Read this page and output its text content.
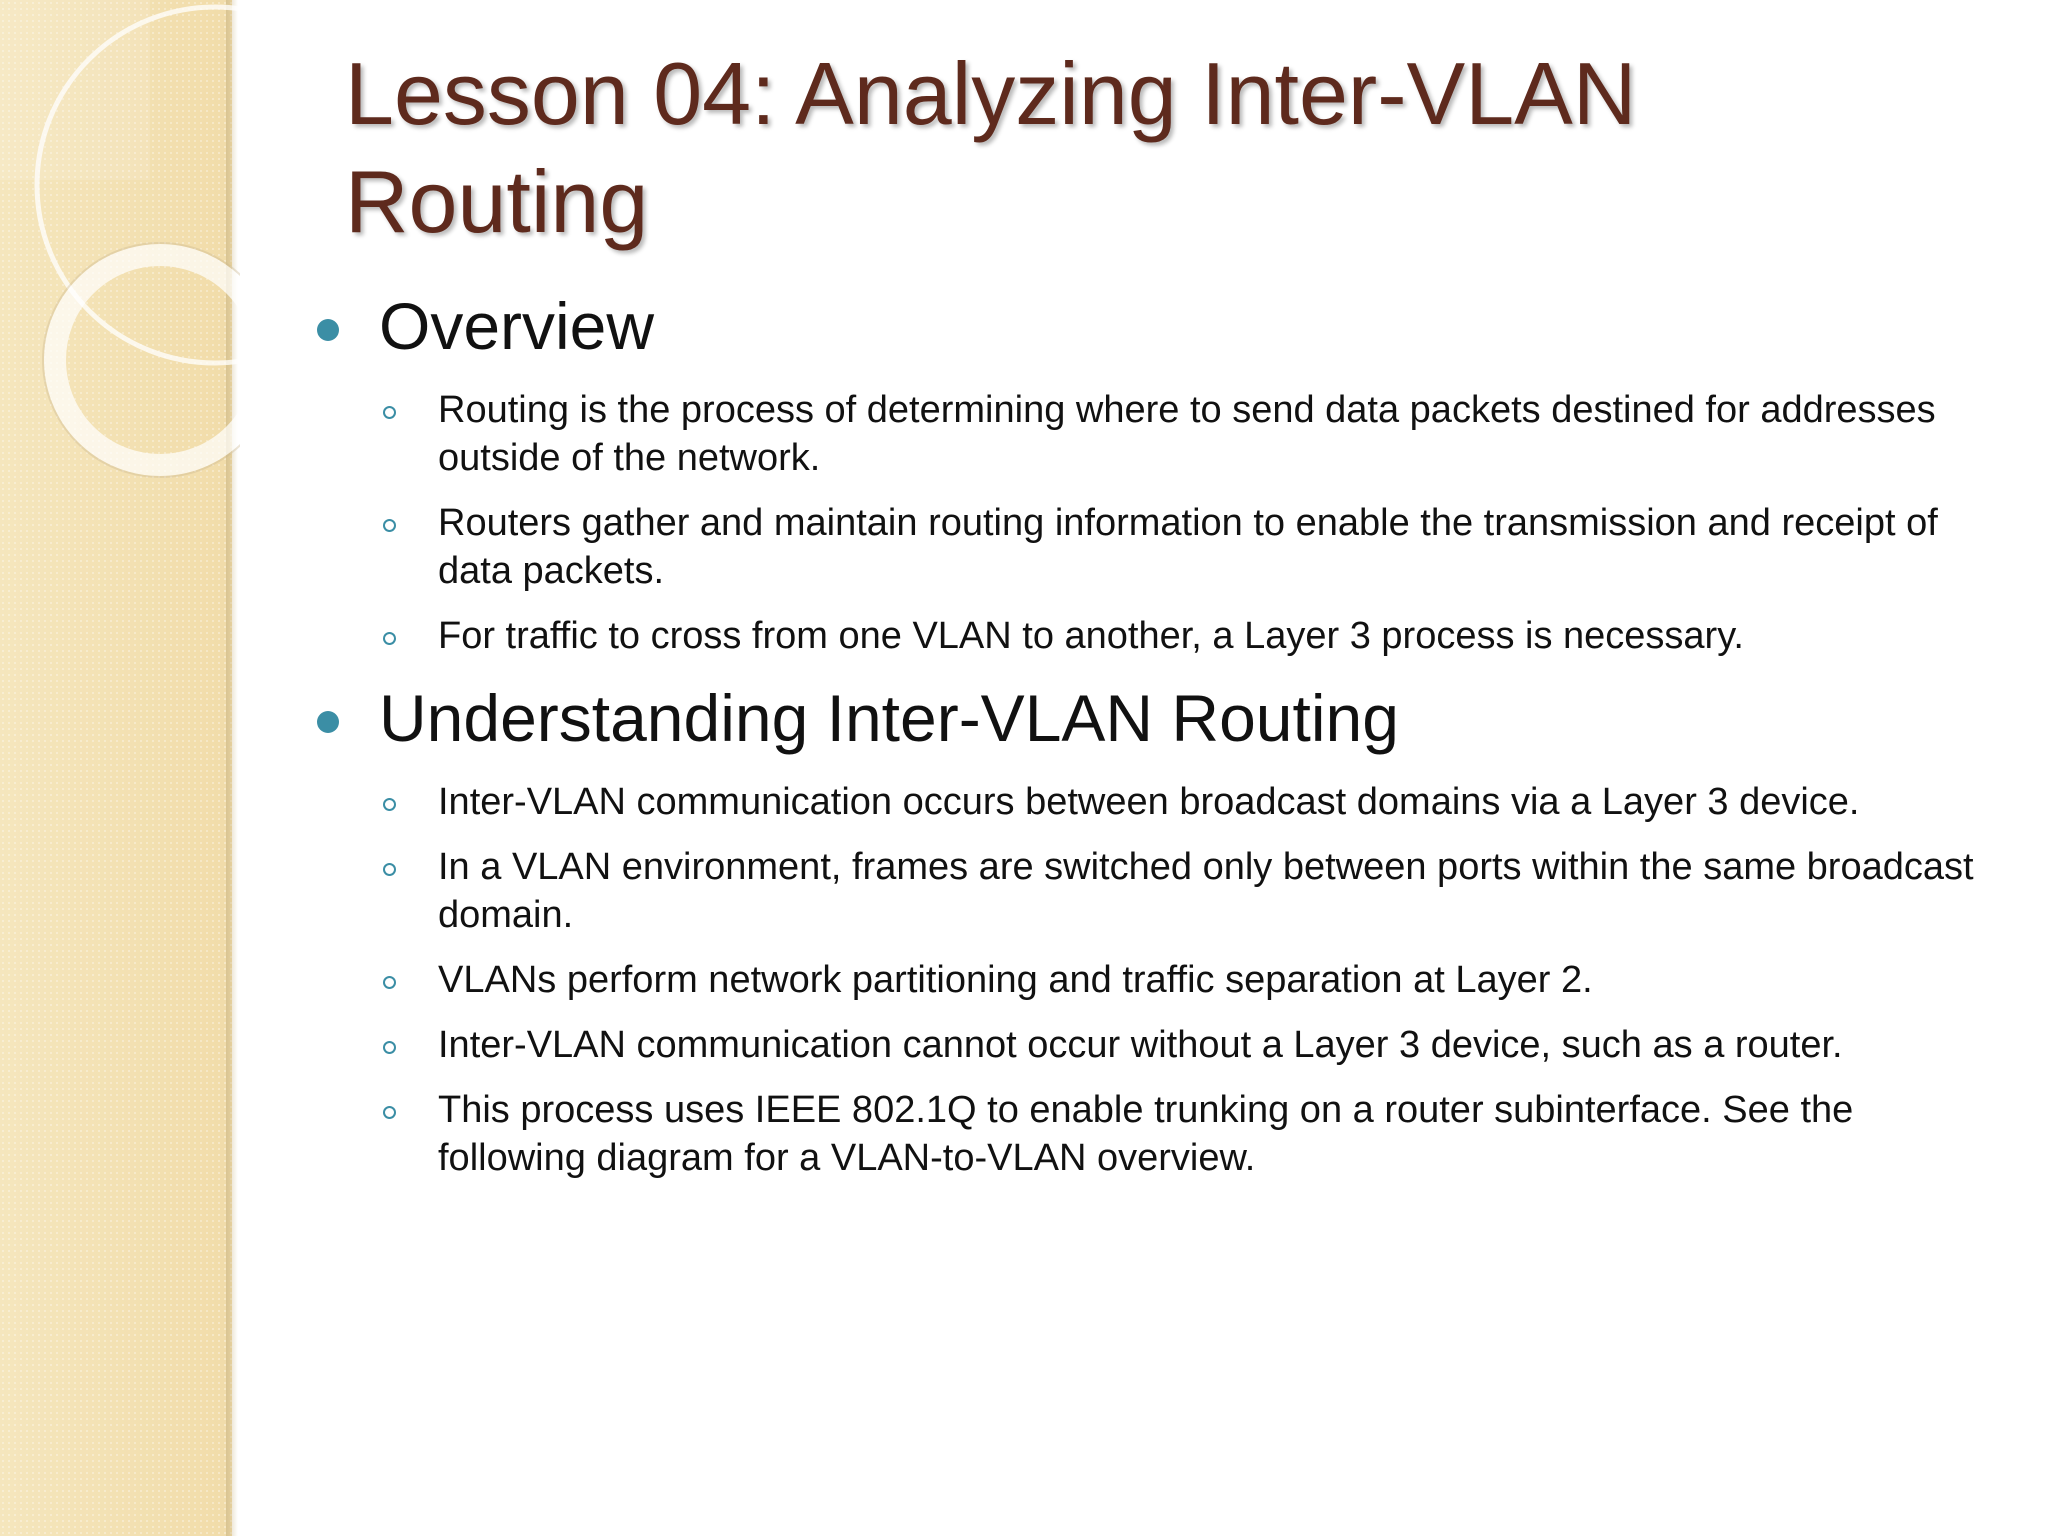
Lesson 04: Analyzing Inter-VLAN Routing
Overview
Routing is the process of determining where to send data packets destined for addresses outside of the network.
Routers gather and maintain routing information to enable the transmission and receipt of data packets.
For traffic to cross from one VLAN to another, a Layer 3 process is necessary.
Understanding Inter-VLAN Routing
Inter-VLAN communication occurs between broadcast domains via a Layer 3 device.
In a VLAN environment, frames are switched only between ports within the same broadcast domain.
VLANs perform network partitioning and traffic separation at Layer 2.
Inter-VLAN communication cannot occur without a Layer 3 device, such as a router.
This process uses IEEE 802.1Q to enable trunking on a router subinterface. See the following diagram for a VLAN-to-VLAN overview.
